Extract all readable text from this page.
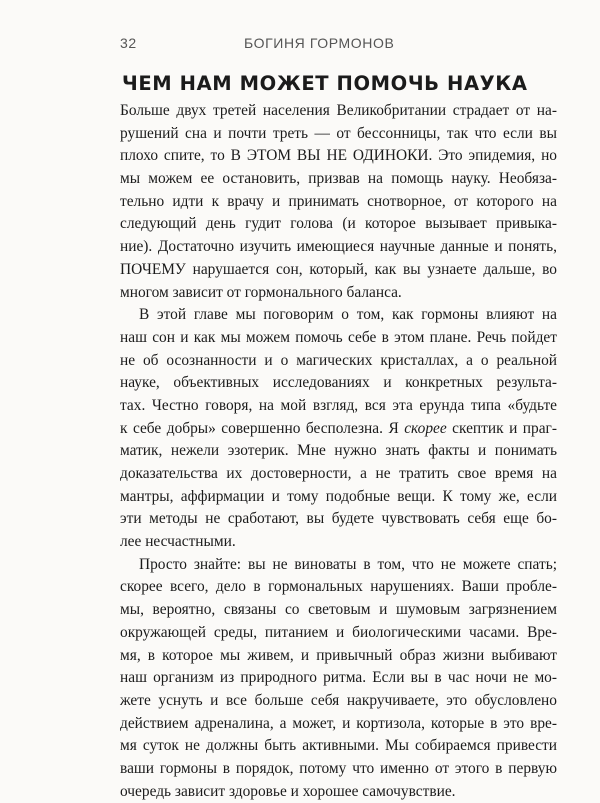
32	БОГИНЯ ГОРМОНОВ
ЧЕМ НАМ МОЖЕТ ПОМОЧЬ НАУКА
Больше двух третей населения Великобритании страдает от на-
рушений сна и почти треть — от бессонницы, так что если вы
плохо спите, то В ЭТОМ ВЫ НЕ ОДИНОКИ. Это эпидемия, но
мы можем ее остановить, призвав на помощь науку. Необяза-
тельно идти к врачу и принимать снотворное, от которого на
следующий день гудит голова (и которое вызывает привыка-
ние). Достаточно изучить имеющиеся научные данные и понять,
ПОЧЕМУ нарушается сон, который, как вы узнаете дальше, во
многом зависит от гормонального баланса.
В этой главе мы поговорим о том, как гормоны влияют на
наш сон и как мы можем помочь себе в этом плане. Речь пойдет
не об осознанности и о магических кристаллах, а о реальной
науке, объективных исследованиях и конкретных результа-
тах. Честно говоря, на мой взгляд, вся эта ерунда типа «будьте
к себе добры» совершенно бесполезна. Я скорее скептик и праг-
матик, нежели эзотерик. Мне нужно знать факты и понимать
доказательства их достоверности, а не тратить свое время на
мантры, аффирмации и тому подобные вещи. К тому же, если
эти методы не сработают, вы будете чувствовать себя еще бо-
лее несчастными.
Просто знайте: вы не виноваты в том, что не можете спать;
скорее всего, дело в гормональных нарушениях. Ваши пробле-
мы, вероятно, связаны со световым и шумовым загрязнением
окружающей среды, питанием и биологическими часами. Вре-
мя, в которое мы живем, и привычный образ жизни выбивают
наш организм из природного ритма. Если вы в час ночи не мо-
жете уснуть и все больше себя накручиваете, это обусловлено
действием адреналина, а может, и кортизола, которые в это вре-
мя суток не должны быть активными. Мы собираемся привести
ваши гормоны в порядок, потому что именно от этого в первую
очередь зависит здоровье и хорошее самочувствие.
